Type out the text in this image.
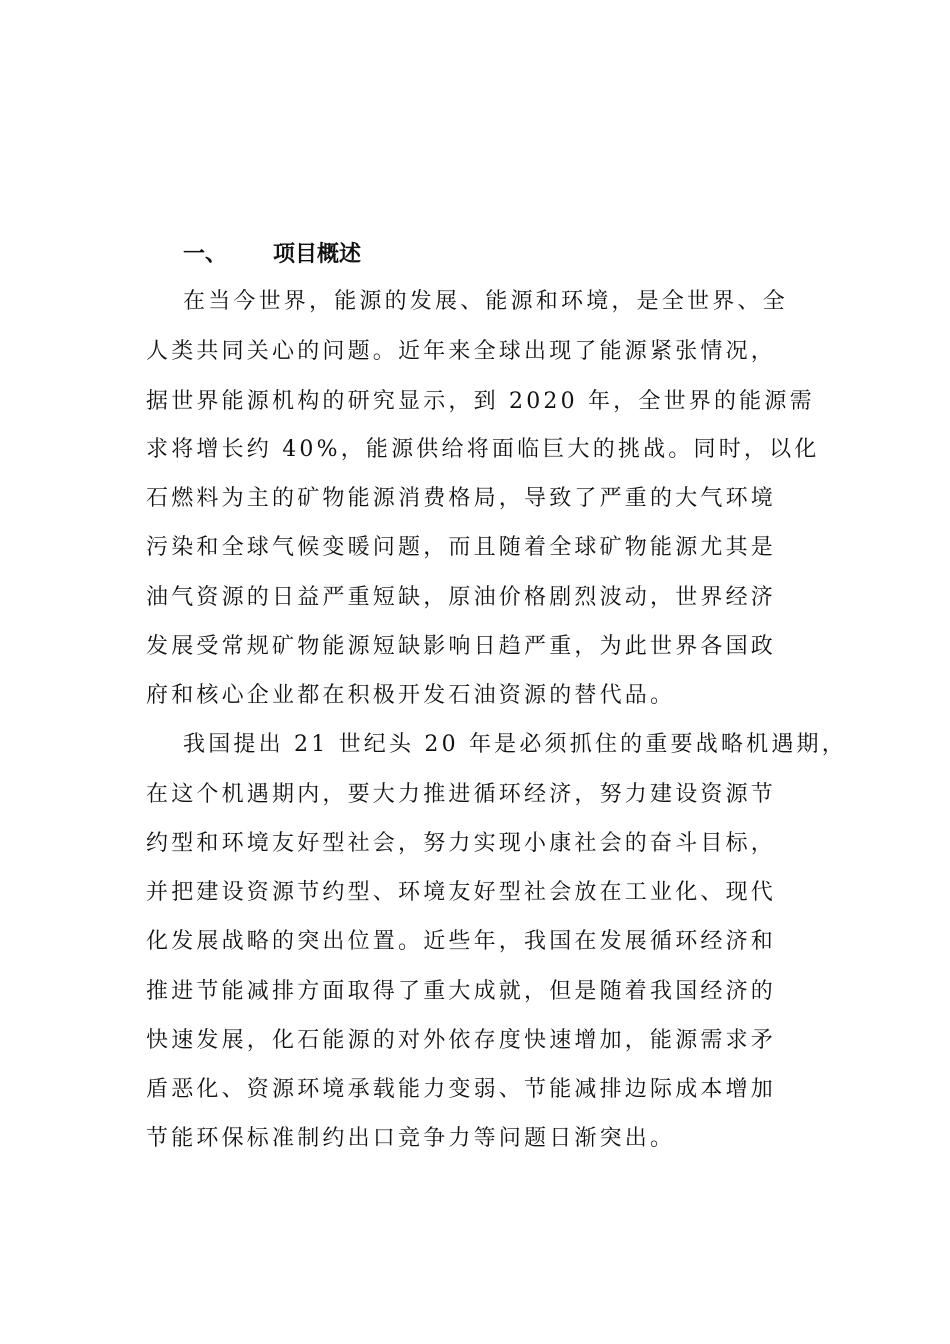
一、	项目概述
在当今世界，能源的发展、能源和环境，是全世界、全
人类共同关心的问题。近年来全球出现了能源紧张情况，
据世界能源机构的研究显示，到 2020 年，全世界的能源需
求将增长约 40%，能源供给将面临巨大的挑战。同时，以化
石燃料为主的矿物能源消费格局，导致了严重的大气环境
污染和全球气候变暖问题，而且随着全球矿物能源尤其是
油气资源的日益严重短缺，原油价格剧烈波动，世界经济
发展受常规矿物能源短缺影响日趋严重，为此世界各国政
府和核心企业都在积极开发石油资源的替代品。
我国提出 21 世纪头 20 年是必须抓住的重要战略机遇期，
在这个机遇期内，要大力推进循环经济，努力建设资源节
约型和环境友好型社会，努力实现小康社会的奋斗目标，
并把建设资源节约型、环境友好型社会放在工业化、现代
化发展战略的突出位置。近些年，我国在发展循环经济和
推进节能减排方面取得了重大成就，但是随着我国经济的
快速发展，化石能源的对外依存度快速增加，能源需求矛
盾恶化、资源环境承载能力变弱、节能减排边际成本增加
节能环保标准制约出口竞争力等问题日渐突出。
